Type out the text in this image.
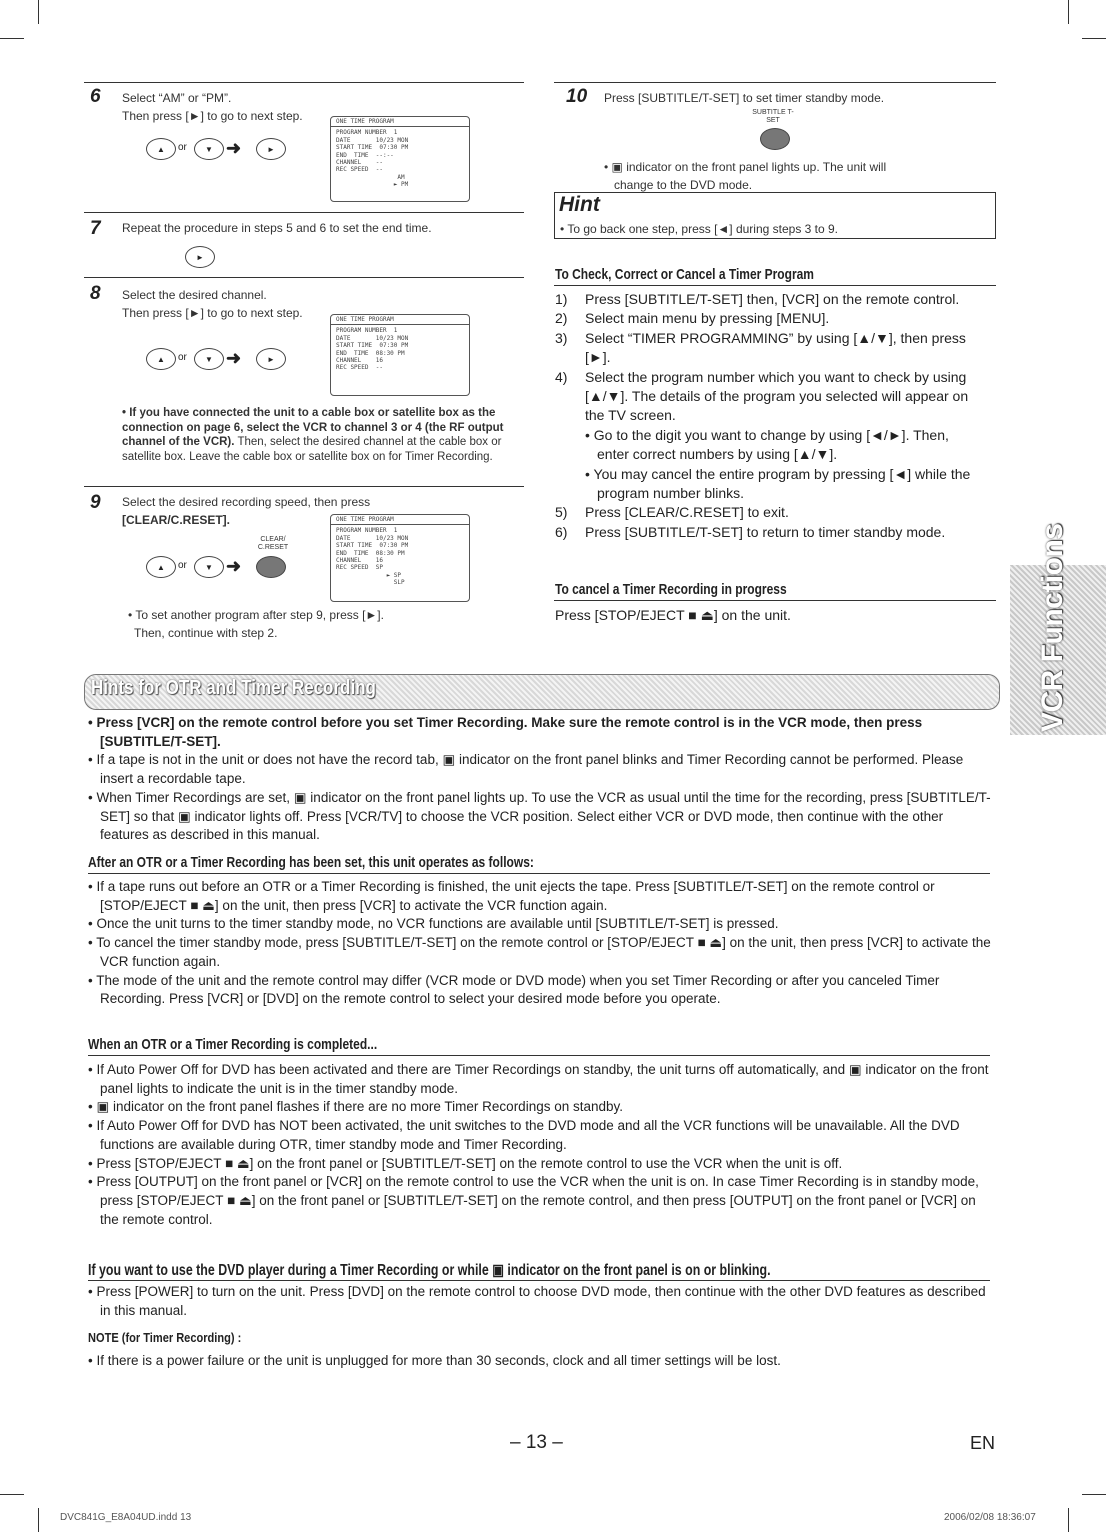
6 Select “AM” or “PM”.
Then press [►] to go to next step.
▲	or	▼ ➜	►
ONE TIME PROGRAM
PROGRAM NUMBER  1
DATE       10/23 MON
START TIME  07:30 PM
END  TIME  --:--
CHANNEL    --
REC SPEED  --
AM
► PM
7 Repeat the procedure in steps 5 and 6 to set the end time.
►
8 Select the desired channel.
Then press [►] to go to next step.
▲	or	▼ ➜	►
ONE TIME PROGRAM
PROGRAM NUMBER  1
DATE       10/23 MON
START TIME  07:30 PM
END  TIME  08:30 PM
CHANNEL    16
REC SPEED  --
• If you have connected the unit to a cable box or satellite box as the connection on page 6, select the VCR to channel 3 or 4 (the RF output channel of the VCR). Then, select the desired channel at the cable box or satellite box. Leave the cable box or satellite box on for Timer Recording.
9 Select the desired recording speed, then press
[CLEAR/C.RESET].
CLEAR/ C.RESET
▲	or	▼ ➜
ONE TIME PROGRAM
PROGRAM NUMBER  1
DATE       10/23 MON
START TIME  07:30 PM
END  TIME  08:30 PM
CHANNEL    16
REC SPEED  SP
► SP
SLP
• To set another program after step 9, press [►].
Then, continue with step 2.
10 Press [SUBTITLE/T-SET] to set timer standby mode.
SUBTITLE T-SET
• ▣ indicator on the front panel lights up. The unit will
change to the DVD mode.
Hint
• To go back one step, press [◄] during steps 3 to 9.
To Check, Correct or Cancel a Timer Program
1) Press [SUBTITLE/T-SET] then, [VCR] on the remote control.
2) Select main menu by pressing [MENU].
3) Select “TIMER PROGRAMMING” by using [▲/▼], then press [►].
4) Select the program number which you want to check by using [▲/▼]. The details of the program you selected will appear on the TV screen.
• Go to the digit you want to change by using [◄/►]. Then, enter correct numbers by using [▲/▼].
• You may cancel the entire program by pressing [◄] while the program number blinks.
5) Press [CLEAR/C.RESET] to exit.
6) Press [SUBTITLE/T-SET] to return to timer standby mode.
To cancel a Timer Recording in progress
Press [STOP/EJECT ■ ⏏] on the unit.	VCR Functions
Hints for OTR and Timer Recording

• Press [VCR] on the remote control before you set Timer Recording. Make sure the remote control is in the VCR mode, then press [SUBTITLE/T-SET].

• If a tape is not in the unit or does not have the record tab, ▣ indicator on the front panel blinks and Timer Recording cannot be performed. Please insert a recordable tape.

• When Timer Recordings are set, ▣ indicator on the front panel lights up. To use the VCR as usual until the time for the recording, press [SUBTITLE/T-SET] so that ▣ indicator lights off. Press [VCR/TV] to choose the VCR position. Select either VCR or DVD mode, then continue with the other features as described in this manual.

After an OTR or a Timer Recording has been set, this unit operates as follows:

• If a tape runs out before an OTR or a Timer Recording is finished, the unit ejects the tape. Press [SUBTITLE/T-SET] on the remote control or [STOP/EJECT ■ ⏏] on the unit, then press [VCR] to activate the VCR function again.

• Once the unit turns to the timer standby mode, no VCR functions are available until [SUBTITLE/T-SET] is pressed.

• To cancel the timer standby mode, press [SUBTITLE/T-SET] on the remote control or [STOP/EJECT ■ ⏏] on the unit, then press [VCR] to activate the VCR function again.

• The mode of the unit and the remote control may differ (VCR mode or DVD mode) when you set Timer Recording or after you canceled Timer Recording. Press [VCR] or [DVD] on the remote control to select your desired mode before you operate.

When an OTR or a Timer Recording is completed...

• If Auto Power Off for DVD has been activated and there are Timer Recordings on standby, the unit turns off automatically, and ▣ indicator on the front panel lights to indicate the unit is in the timer standby mode.

• ▣ indicator on the front panel flashes if there are no more Timer Recordings on standby.

• If Auto Power Off for DVD has NOT been activated, the unit switches to the DVD mode and all the VCR functions will be unavailable. All the DVD functions are available during OTR, timer standby mode and Timer Recording.

• Press [STOP/EJECT ■ ⏏] on the front panel or [SUBTITLE/T-SET] on the remote control to use the VCR when the unit is off.

• Press [OUTPUT] on the front panel or [VCR] on the remote control to use the VCR when the unit is on. In case Timer Recording is in standby mode, press [STOP/EJECT ■ ⏏] on the front panel or [SUBTITLE/T-SET] on the remote control, and then press [OUTPUT] on the front panel or [VCR] on the remote control.

If you want to use the DVD player during a Timer Recording or while ▣ indicator on the front panel is on or blinking.

• Press [POWER] to turn on the unit. Press [DVD] on the remote control to choose DVD mode, then continue with the other DVD features as described in this manual.

NOTE (for Timer Recording) :

• If there is a power failure or the unit is unplugged for more than 30 seconds, clock and all timer settings will be lost.

– 13 –	EN
DVC841G_E8A04UD.indd 13	2006/02/08 18:36:07
